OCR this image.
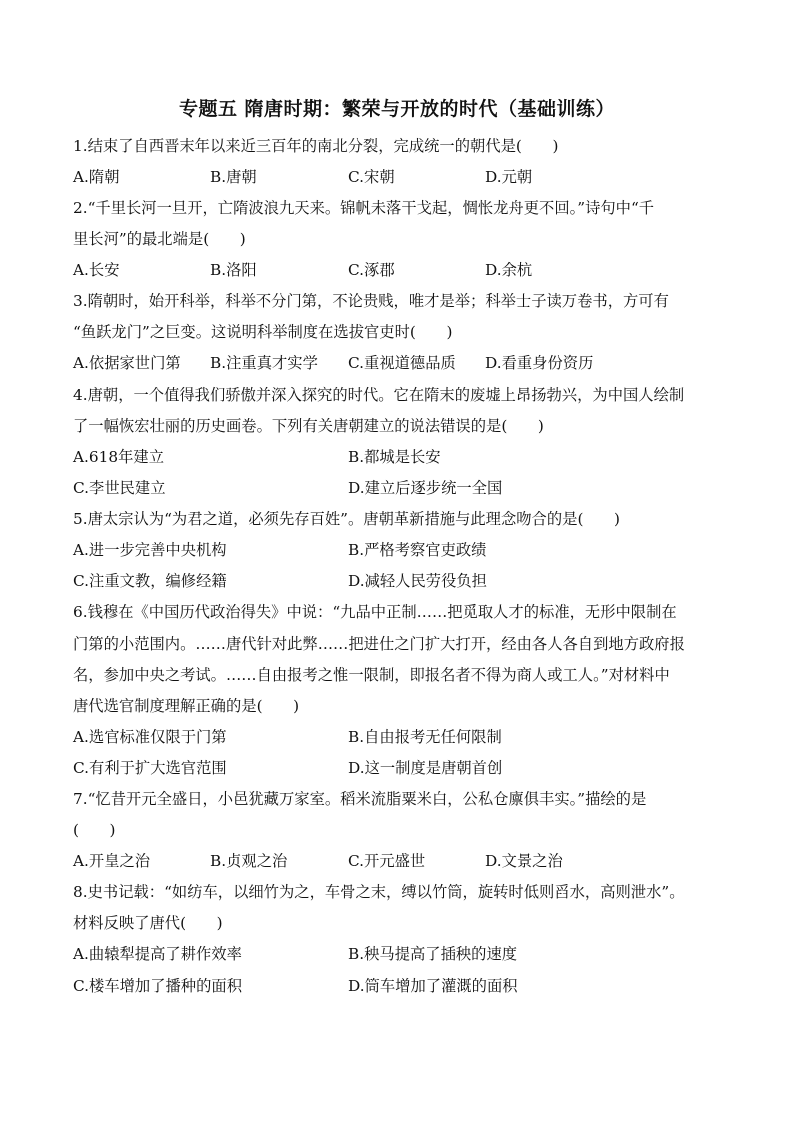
专题五 隋唐时期：繁荣与开放的时代（基础训练）
1.结束了自西晋末年以来近三百年的南北分裂，完成统一的朝代是(　　)
A.隋朝	B.唐朝	C.宋朝	D.元朝
2.“千里长河一旦开，亡隋波浪九天来。锦帆未落干戈起，惆怅龙舟更不回。”诗句中“千
里长河”的最北端是(　　)
A.长安	B.洛阳	C.涿郡	D.余杭
3.隋朝时，始开科举，科举不分门第，不论贵贱，唯才是举；科举士子读万卷书，方可有
“鱼跃龙门”之巨变。这说明科举制度在选拔官吏时(　　)
A.依据家世门第 B.注重真才实学 C.重视道德品质 D.看重身份资历
4.唐朝，一个值得我们骄傲并深入探究的时代。它在隋末的废墟上昂扬勃兴，为中国人绘制
了一幅恢宏壮丽的历史画卷。下列有关唐朝建立的说法错误的是(　　)
A.618年建立	B.都城是长安
C.李世民建立	D.建立后逐步统一全国
5.唐太宗认为“为君之道，必须先存百姓”。唐朝革新措施与此理念吻合的是(　　)
A.进一步完善中央机构	B.严格考察官吏政绩
C.注重文教，编修经籍	D.减轻人民劳役负担
6.钱穆在《中国历代政治得失》中说：“九品中正制……把觅取人才的标准，无形中限制在
门第的小范围内。……唐代针对此弊……把进仕之门扩大打开，经由各人各自到地方政府报
名，参加中央之考试。……自由报考之惟一限制，即报名者不得为商人或工人。”对材料中
唐代选官制度理解正确的是(　　)
A.选官标准仅限于门第	B.自由报考无任何限制
C.有利于扩大选官范围	D.这一制度是唐朝首创
7.“忆昔开元全盛日，小邑犹藏万家室。稻米流脂粟米白，公私仓廪俱丰实。”描绘的是
(　　)
A.开皇之治	B.贞观之治	C.开元盛世	D.文景之治
8.史书记载：“如纺车，以细竹为之，车骨之末，缚以竹筒，旋转时低则舀水，高则泄水”。
材料反映了唐代(　　)
A.曲辕犁提高了耕作效率	B.秧马提高了插秧的速度
C.楼车增加了播种的面积	D.筒车增加了灌溉的面积
